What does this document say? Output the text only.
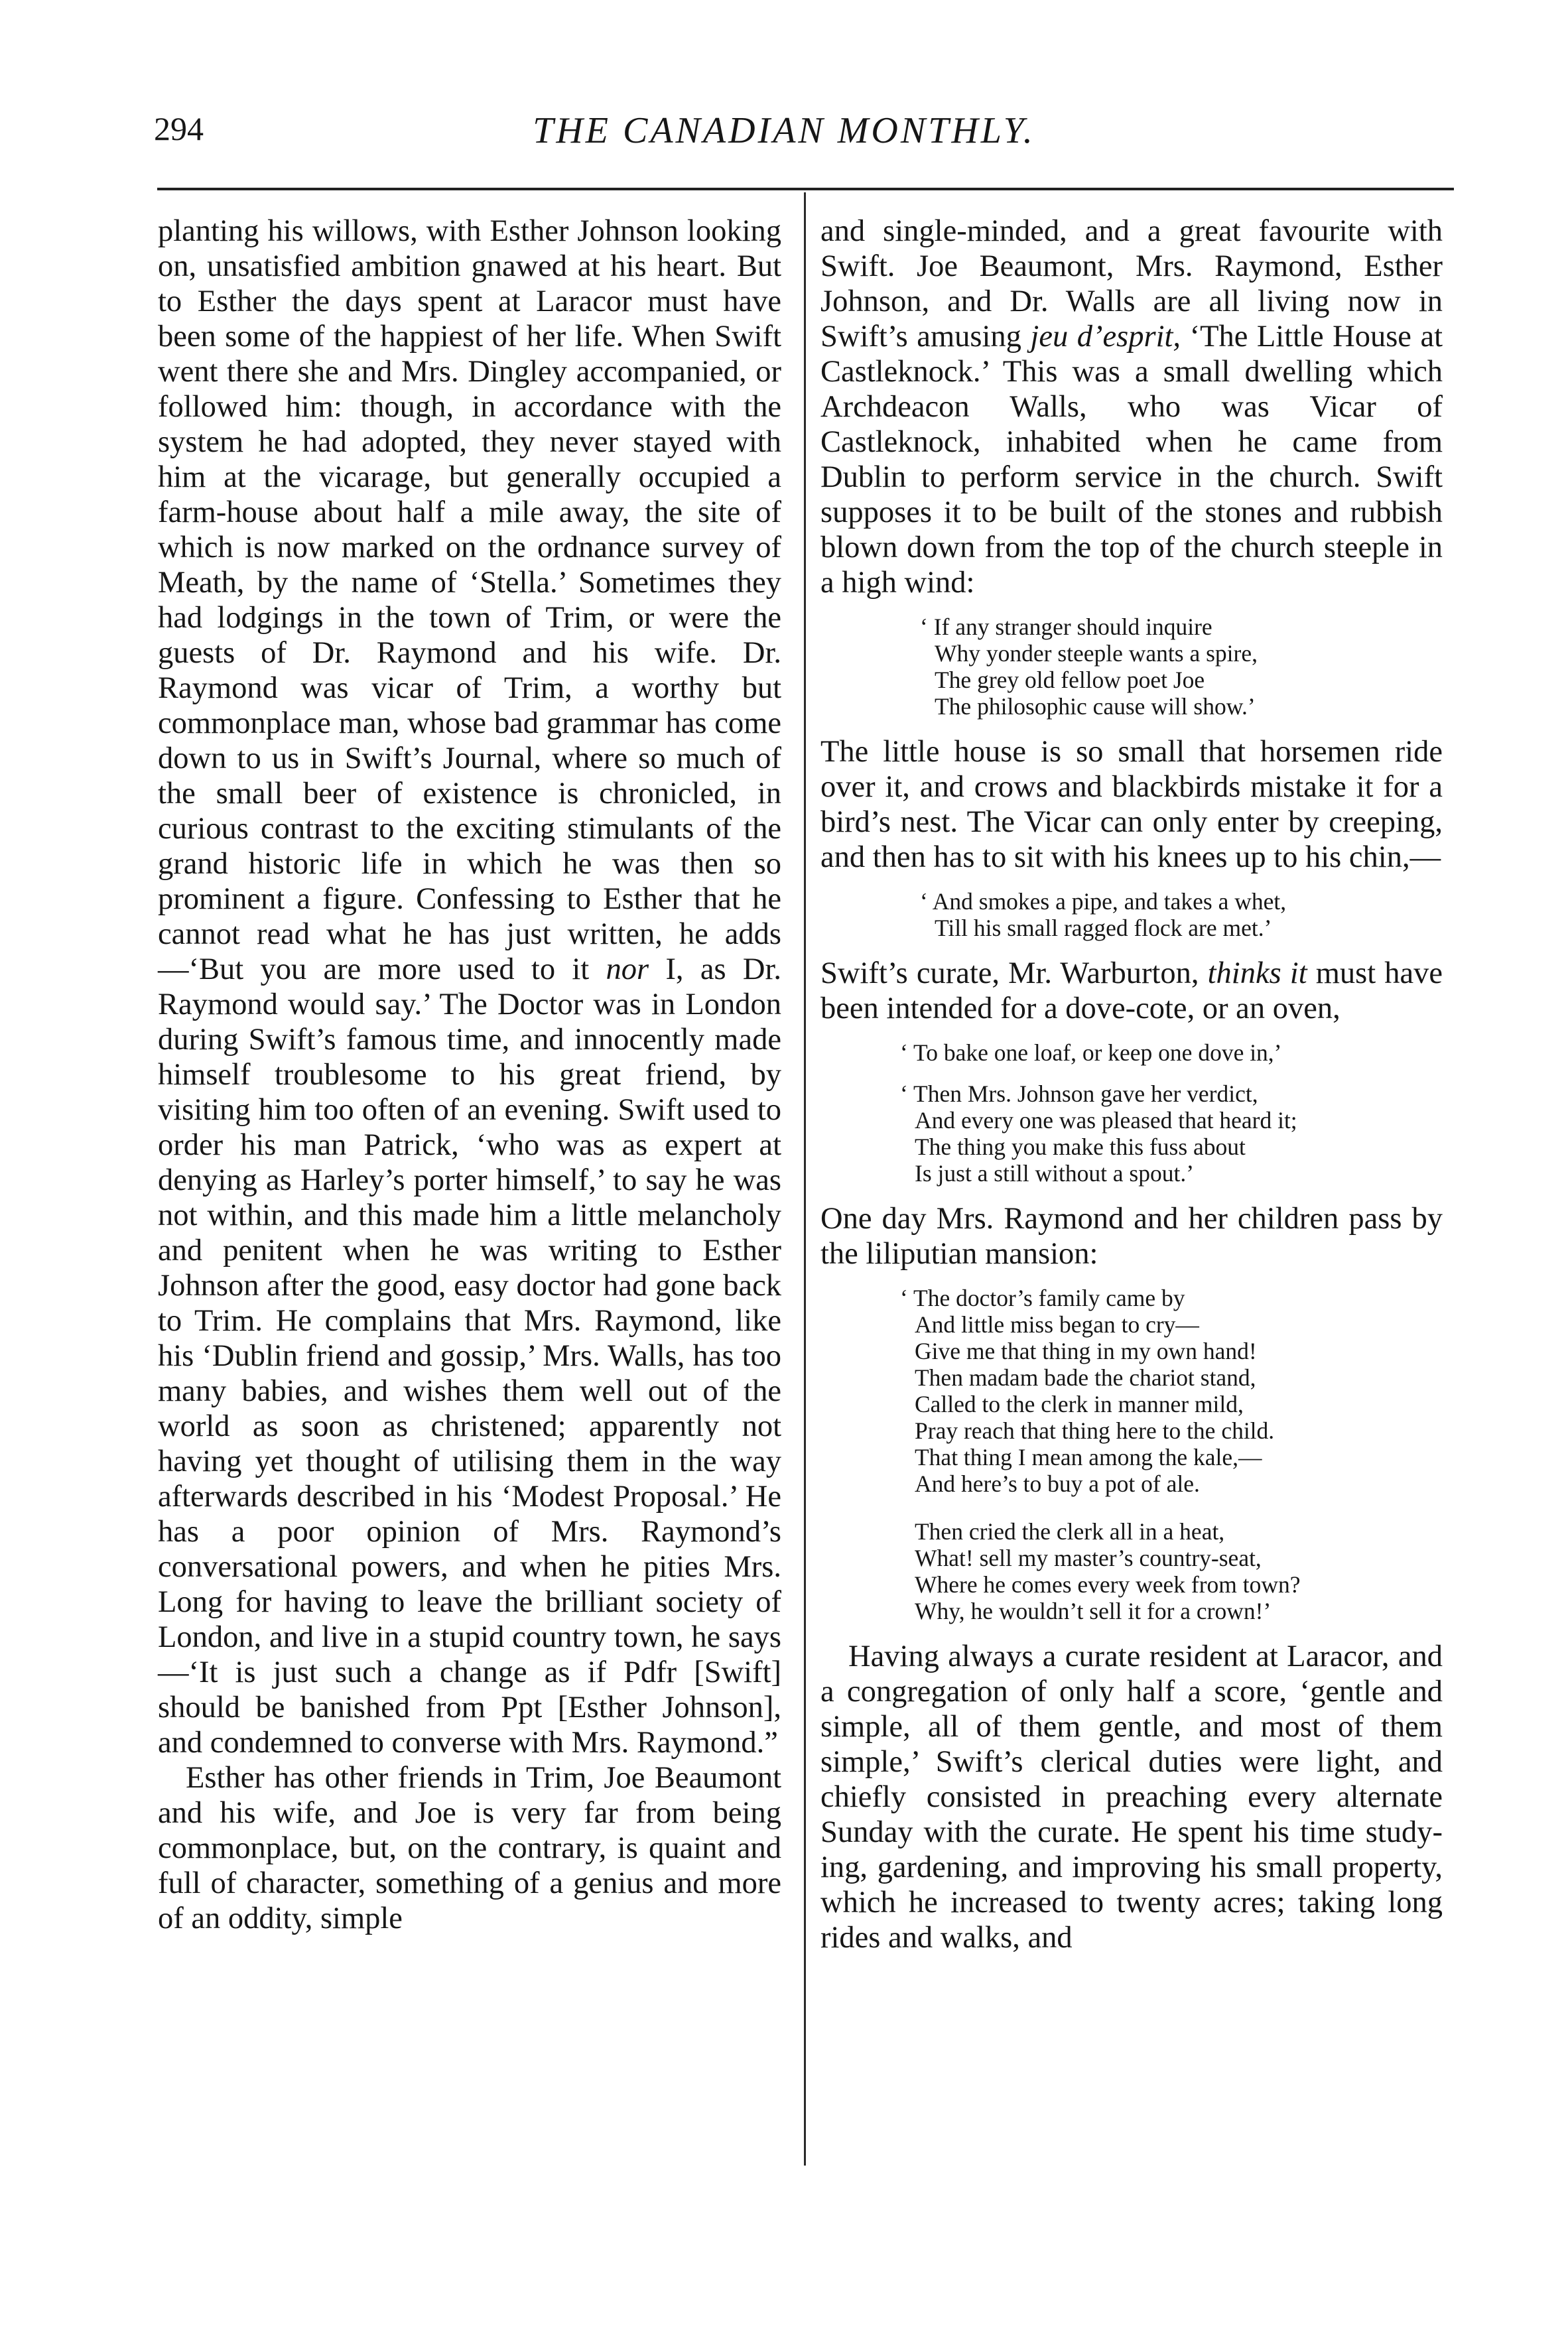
294	THE CANADIAN MONTHLY.

planting his willows, with Esther Johnson looking on, unsatisfied ambition gnawed at his heart. But to Esther the days spent at Laracor must have been some of the happiest of her life. When Swift went there she and Mrs. Dingley accompanied, or followed him: though, in accordance with the system he had adopted, they never stayed with him at the vicarage, but generally occupied a farm-house about half a mile away, the site of which is now marked on the ordnance survey of Meath, by the name of ‘Stella.’ Sometimes they had lodgings in the town of Trim, or were the guests of Dr. Raymond and his wife. Dr. Raymond was vicar of Trim, a worthy but commonplace man, whose bad grammar has come down to us in Swift’s Journal, where so much of the small beer of existence is chronicled, in curious contrast to the exciting stimulants of the grand historic life in which he was then so prominent a figure. Confessing to Esther that he cannot read what he has just written, he adds—‘But you are more used to it nor I, as Dr. Raymond would say.’ The Doctor was in London during Swift’s famous time, and innocently made himself troublesome to his great friend, by visiting him too often of an evening. Swift used to order his man Patrick, ‘who was as expert at denying as Harley’s porter himself,’ to say he was not within, and this made him a little melancholy and penitent when he was writing to Esther Johnson after the good, easy doctor had gone back to Trim. He complains that Mrs. Raymond, like his ‘Dublin friend and gossip,’ Mrs. Walls, has too many babies, and wishes them well out of the world as soon as christened; apparently not having yet thought of utilising them in the way afterwards described in his ‘Modest Proposal.’ He has a poor opinion of Mrs. Raymond’s conversational powers, and when he pities Mrs. Long for having to leave the brilliant society of London, and live in a stupid country town, he says—‘It is just such a change as if Pdfr [Swift] should be banished from Ppt [Esther Johnson], and condemned to converse with Mrs. Raymond.”

Esther has other friends in Trim, Joe Beaumont and his wife, and Joe is very far from being commonplace, but, on the contrary, is quaint and full of character, something of a genius and more of an oddity, simple

and single-minded, and a great favourite with Swift. Joe Beaumont, Mrs. Raymond, Esther Johnson, and Dr. Walls are all living now in Swift’s amusing jeu d’esprit, ‘The Little House at Castleknock.’ This was a small dwelling which Archdeacon Walls, who was Vicar of Castleknock, inhabited when he came from Dublin to perform service in the church. Swift supposes it to be built of the stones and rubbish blown down from the top of the church steeple in a high wind:

‘ If any stranger should inquire
Why yonder steeple wants a spire,
The grey old fellow poet Joe
The philosophic cause will show.’

The little house is so small that horsemen ride over it, and crows and blackbirds mistake it for a bird’s nest. The Vicar can only enter by creeping, and then has to sit with his knees up to his chin,—

‘ And smokes a pipe, and takes a whet,
Till his small ragged flock are met.’

Swift’s curate, Mr. Warburton, thinks it must have been intended for a dove-cote, or an oven,

‘ To bake one loaf, or keep one dove in,’
‘ Then Mrs. Johnson gave her verdict,
And every one was pleased that heard it;
The thing you make this fuss about
Is just a still without a spout.’

One day Mrs. Raymond and her children pass by the liliputian mansion:

‘ The doctor’s family came by
And little miss began to cry—
Give me that thing in my own hand!
Then madam bade the chariot stand,
Called to the clerk in manner mild,
Pray reach that thing here to the child.
That thing I mean among the kale,—
And here’s to buy a pot of ale.
Then cried the clerk all in a heat,
What! sell my master’s country-seat,
Where he comes every week from town?
Why, he wouldn’t sell it for a crown!’

Having always a curate resident at Laracor, and a congregation of only half a score, ‘gentle and simple, all of them gentle, and most of them simple,’ Swift’s clerical duties were light, and chiefly consisted in preaching every alternate Sunday with the curate. He spent his time studying, gardening, and improving his small property, which he increased to twenty acres; taking long rides and walks, and
